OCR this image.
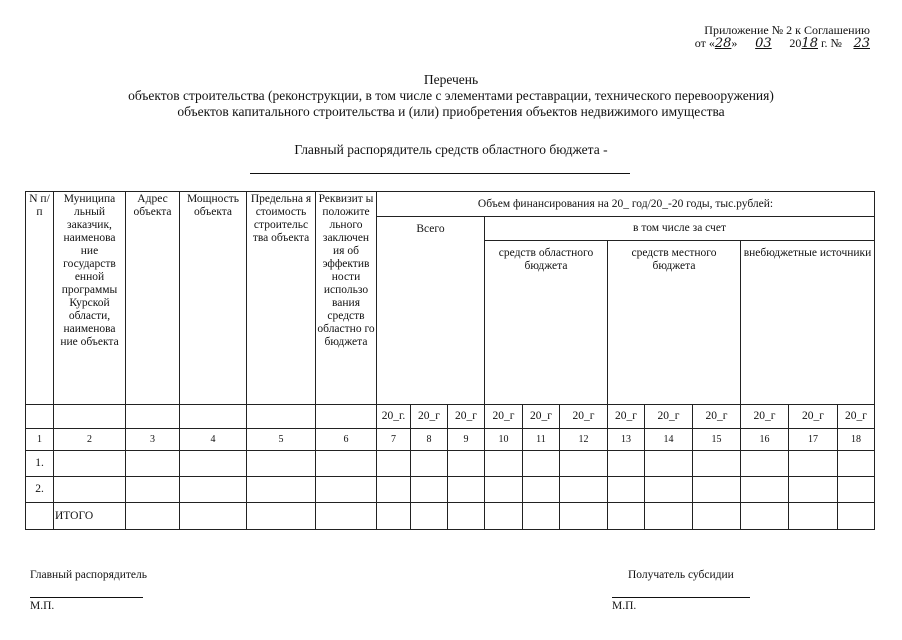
Приложение № 2 к Соглашению
от «28» 03 2018 г. № 23
Перечень
объектов строительства (реконструкции, в том числе с элементами реставрации, технического перевооружения)
объектов капитального строительства и (или) приобретения объектов недвижимого имущества
Главный распорядитель средств областного бюджета -
N п/п	Муниципа льный заказчик, наименова ние государств енной программы Курской области, наименова ние объекта	Адрес объекта	Мощность объекта	Предельна я стоимость строительс тва объекта	Реквизит ы положите льного заключен ия об эффектив ности использо вания средств областно го бюджета	Объем финансирования на 20_ год/20_-20 годы, тыс.рублей:											
						Всего			в том числе за счет								
									средств областного бюджета			средств местного бюджета			внебюджетные источники		

						20_г.	20_г	20_г	20_г	20_г	20_г	20_г	20_г	20_г	20_г	20_г	20_г
1	2	3	4	5	6	7	8	9	10	11	12	13	14	15	16	17	18
1.																	
2.																	
	ИТОГО																
Главный распорядитель
М.П.
Получатель субсидии
М.П.
